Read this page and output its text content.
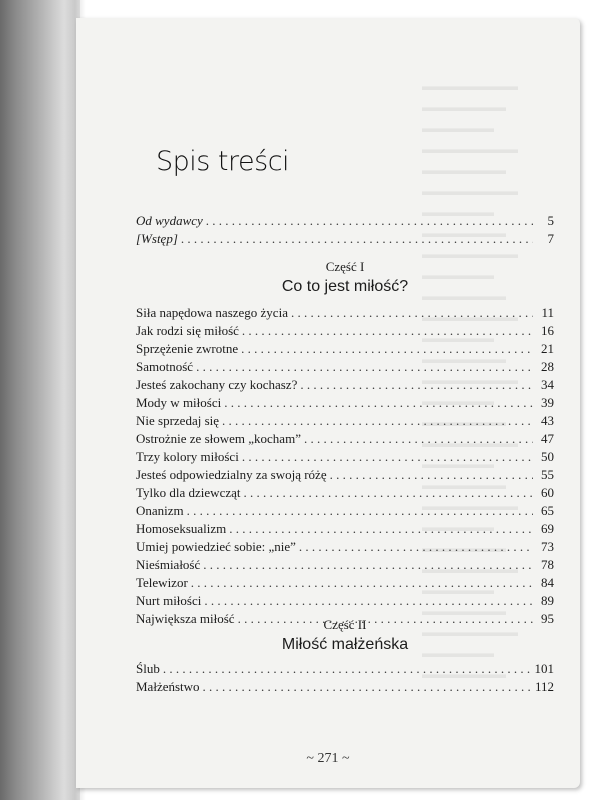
▬▬▬▬▬▬▬▬
▬▬▬▬▬▬▬
▬▬▬▬▬▬
▬▬▬▬▬▬▬▬
▬▬▬▬▬▬▬
▬▬▬▬▬▬▬▬
▬▬▬▬▬▬
▬▬▬▬▬▬▬
▬▬▬▬▬▬▬▬
▬▬▬▬▬▬
▬▬▬▬▬▬▬
▬▬▬▬▬▬▬▬
▬▬▬▬▬▬
▬▬▬▬▬▬▬
▬▬▬▬▬▬▬▬
▬▬▬▬▬▬
▬▬▬▬▬▬▬
▬▬▬▬▬▬▬▬
▬▬▬▬▬▬
▬▬▬▬▬▬▬
▬▬▬▬▬▬▬▬
▬▬▬▬▬▬
▬▬▬▬▬▬▬
▬▬▬▬▬▬▬▬
▬▬▬▬▬▬
▬▬▬▬▬▬▬
▬▬▬▬▬▬▬▬
▬▬▬▬▬▬
▬▬▬▬▬▬▬
Spis treści
Od wydawcy . . .	5
[Wstęp] . . .	7
Część I
Co to jest miłość?
Siła napędowa naszego życia . . .	11
Jak rodzi się miłość . . .	16
Sprzężenie zwrotne . . .	21
Samotność . . .	28
Jesteś zakochany czy kochasz? . . .	34
Mody w miłości . . .	39
Nie sprzedaj się . . .	43
Ostrożnie ze słowem „kocham” . . .	47
Trzy kolory miłości . . .	50
Jesteś odpowiedzialny za swoją różę . . .	55
Tylko dla dziewcząt . . .	60
Onanizm . . .	65
Homoseksualizm . . .	69
Umiej powiedzieć sobie: „nie” . . .	73
Nieśmiałość . . .	78
Telewizor . . .	84
Nurt miłości . . .	89
Największa miłość . . .	95
Część II
Miłość małżeńska
Ślub . . .	101
Małżeństwo . . .	112
~ 271 ~
